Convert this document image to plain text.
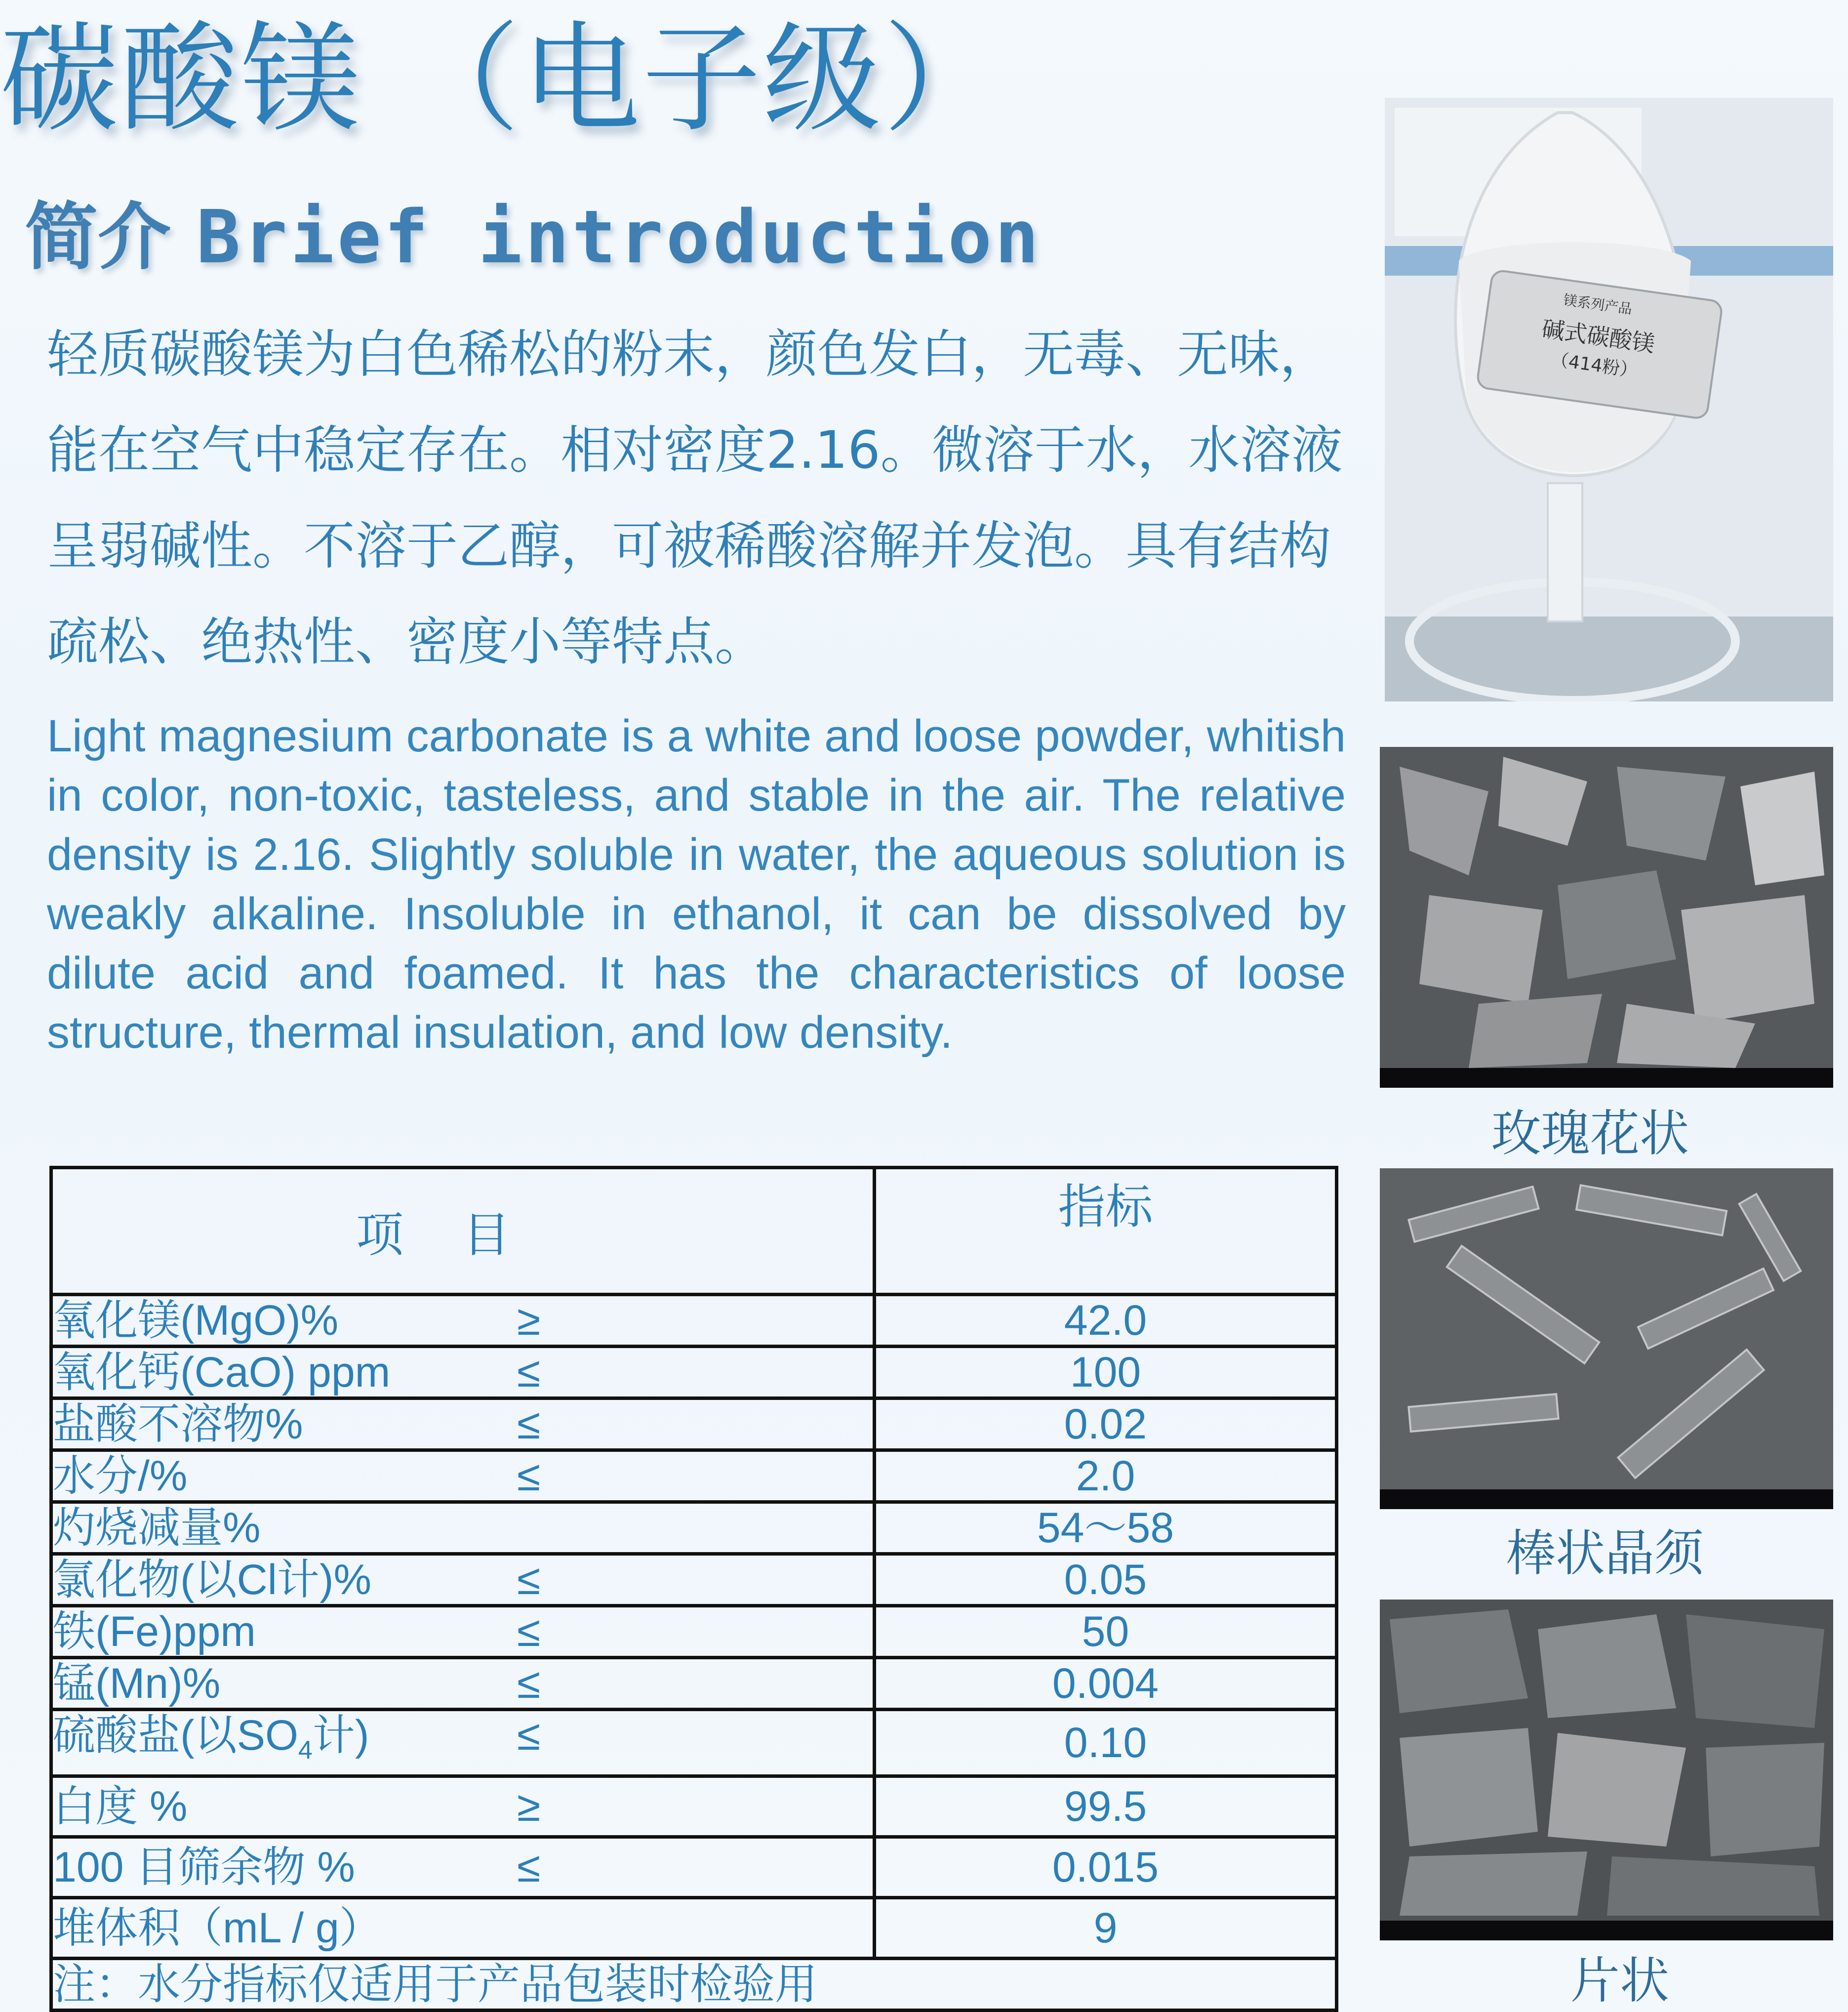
碳酸镁 （电子级）
简介 Brief introduction
轻质碳酸镁为白色稀松的粉末，颜色发白，无毒、无味，能在空气中稳定存在。相对密度2.16。微溶于水，水溶液呈弱碱性。不溶于乙醇，可被稀酸溶解并发泡。具有结构疏松、绝热性、密度小等特点。
Light magnesium carbonate is a white and loose powder, whitish in color, non-toxic, tasteless, and stable in the air. The relative density is 2.16. Slightly soluble in water, the aqueous solution is weakly alkaline. Insoluble in ethanol, it can be dissolved by dilute acid and foamed. It has the characteristics of loose structure, thermal insulation, and low density.
项目	指标
氧化镁(MgO)% ≥	42.0
氧化钙(CaO) ppm ≤	100
盐酸不溶物% ≤	0.02
水分/% ≤	2.0
灼烧减量%	54～58
氯化物(以Cl计)% ≤	0.05
铁(Fe)ppm ≤	50
锰(Mn)% ≤	0.004
硫酸盐(以$SO_4$计) ≤	0.10
白度 % ≥	99.5
100 目筛余物 % ≤	0.015
堆体积（mL / g）	9
注：水分指标仅适用于产品包装时检验用	
镁系列产品
碱式碳酸镁
（414粉）
玫瑰花状
棒状晶须
片状
